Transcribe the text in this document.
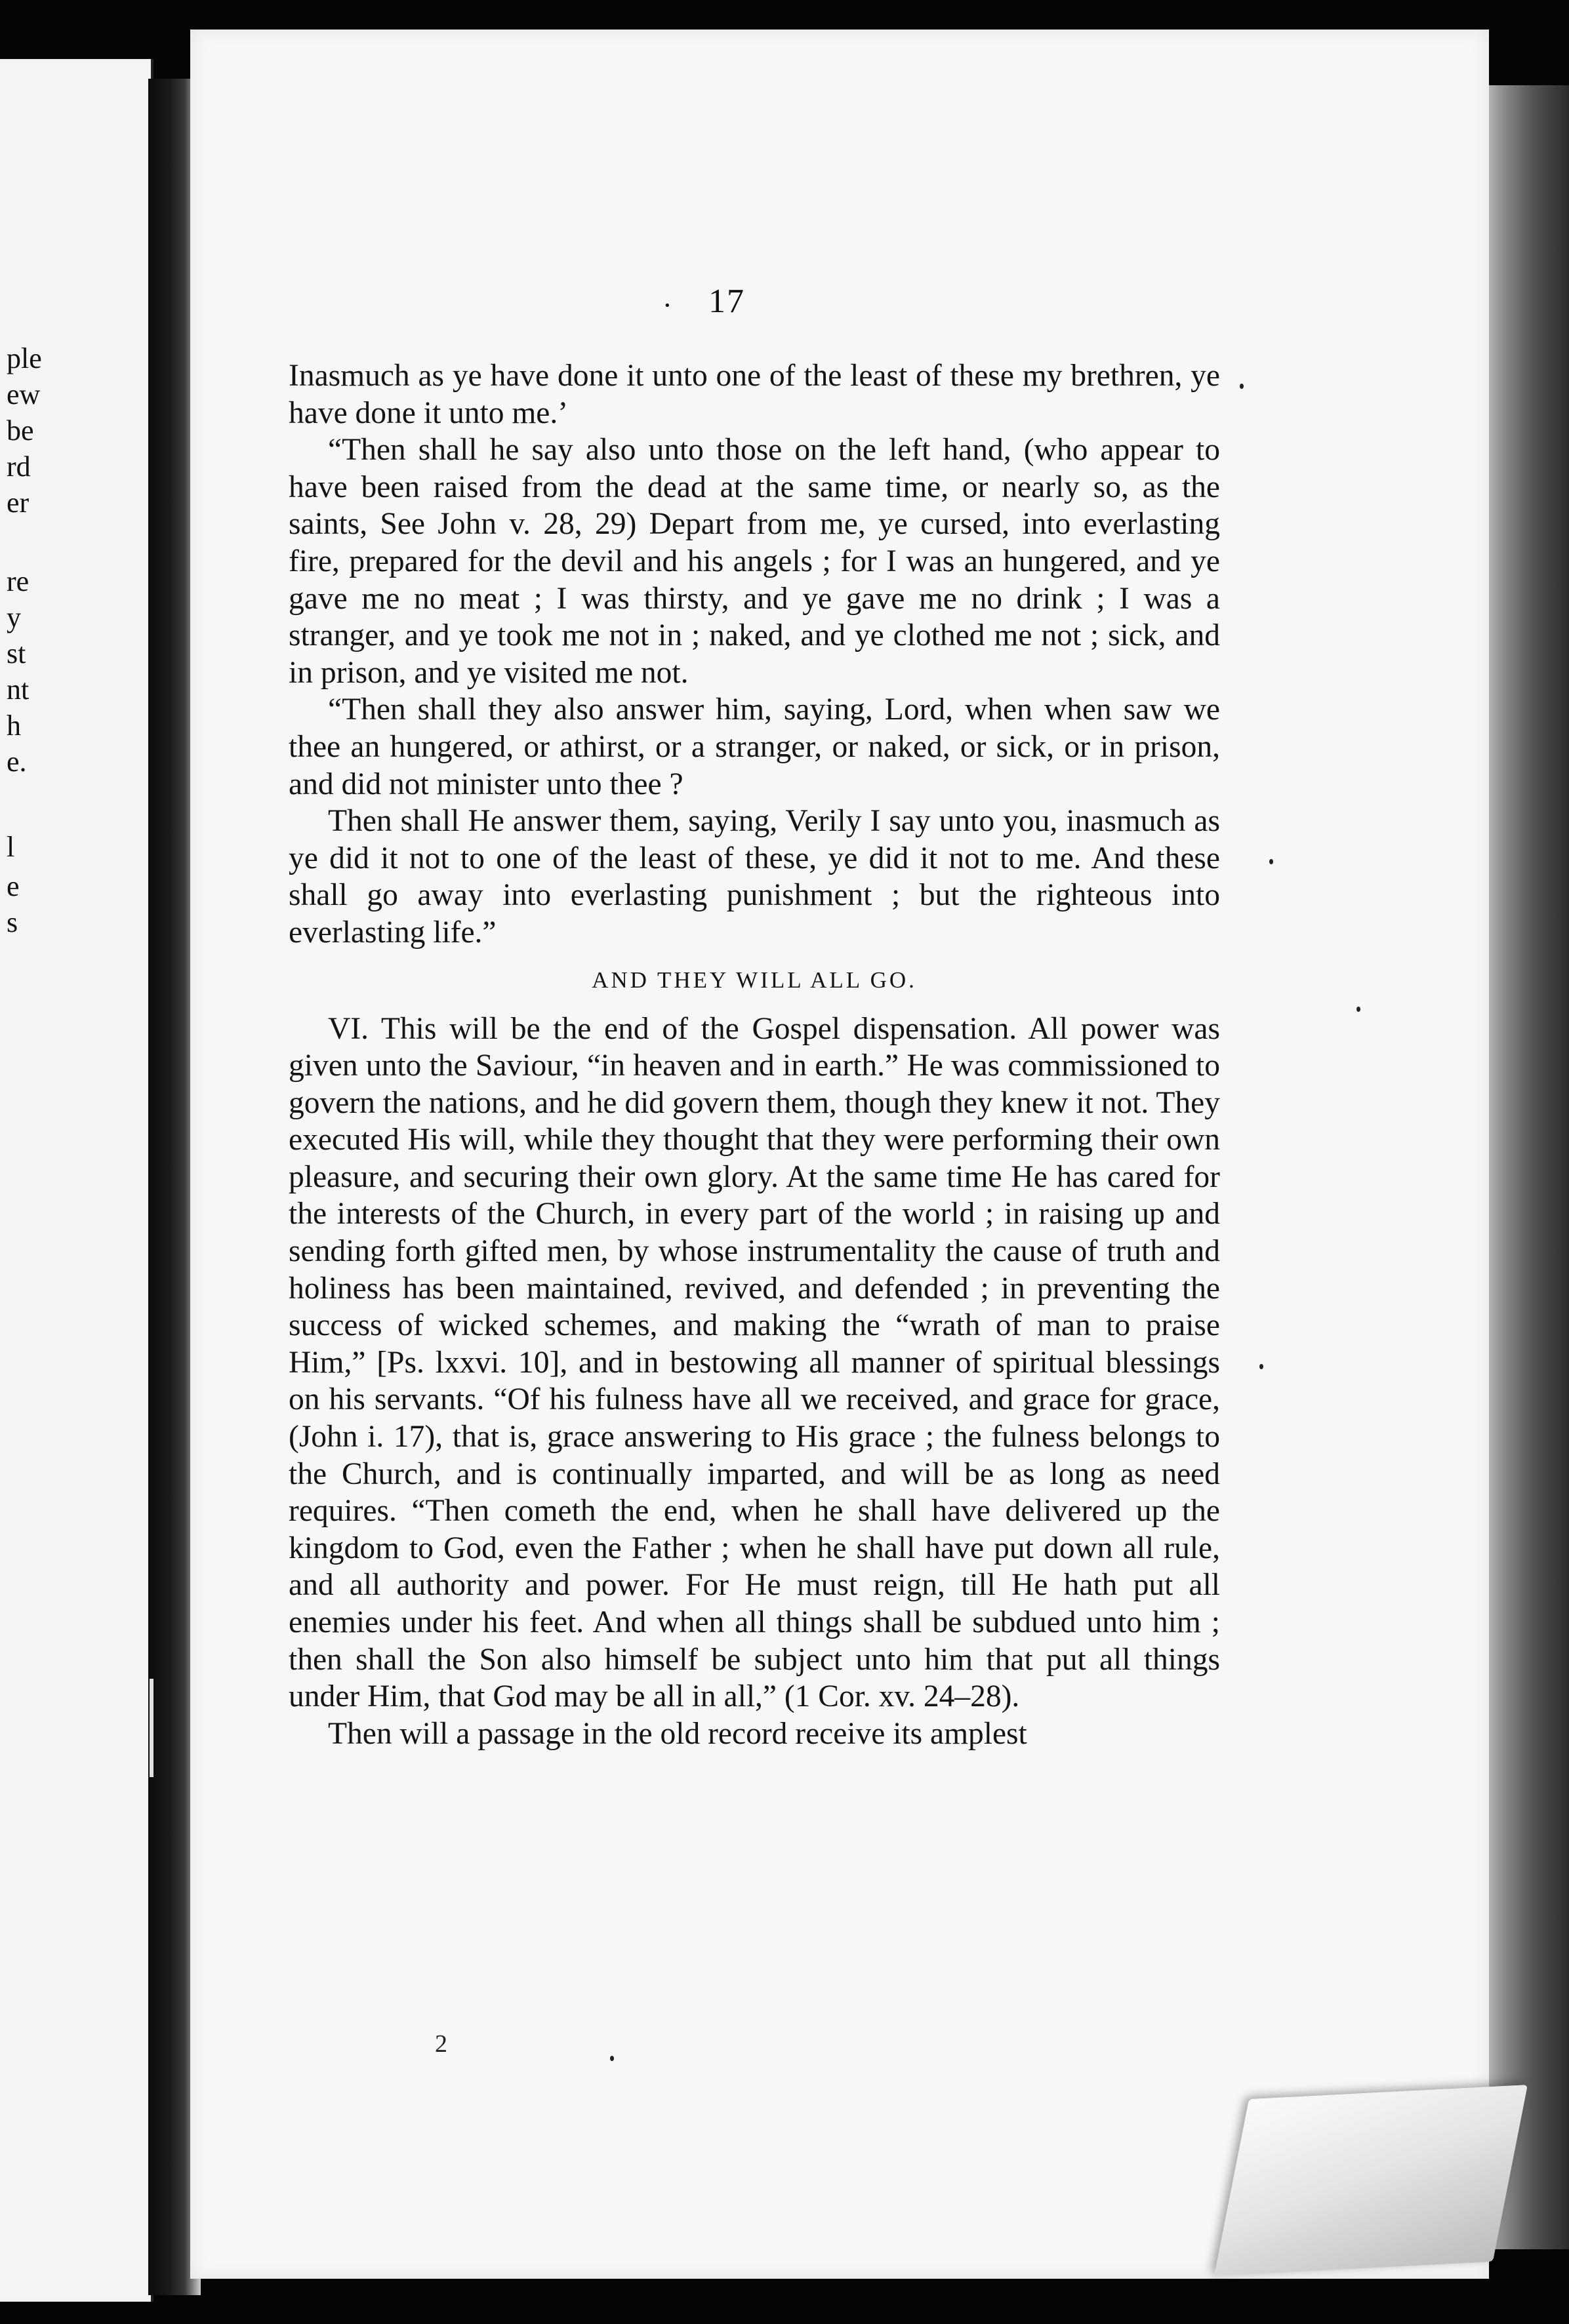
ple
ew
be
rd
er
re
y
st
nt
h
e.
l
e
s
· 17

Inasmuch as ye have done it unto one of the least of these my brethren, ye have done it unto me.’

“Then shall he say also unto those on the left hand, (who appear to have been raised from the dead at the same time, or nearly so, as the saints, See John v. 28, 29) Depart from me, ye cursed, into everlasting fire, prepared for the devil and his angels ; for I was an hungered, and ye gave me no meat ; I was thirsty, and ye gave me no drink ; I was a stranger, and ye took me not in ; naked, and ye clothed me not ; sick, and in prison, and ye visited me not.

“Then shall they also answer him, saying, Lord, when when saw we thee an hungered, or athirst, or a stranger, or naked, or sick, or in prison, and did not minister unto thee ?

Then shall He answer them, saying, Verily I say unto you, inasmuch as ye did it not to one of the least of these, ye did it not to me. And these shall go away into everlasting punishment ; but the righteous into everlasting life.”

AND THEY WILL ALL GO.

VI. This will be the end of the Gospel dispensation. All power was given unto the Saviour, “in heaven and in earth.” He was commissioned to govern the nations, and he did govern them, though they knew it not. They executed His will, while they thought that they were performing their own pleasure, and securing their own glory. At the same time He has cared for the interests of the Church, in every part of the world ; in raising up and sending forth gifted men, by whose instrumentality the cause of truth and holiness has been maintained, revived, and defended ; in preventing the success of wicked schemes, and making the “wrath of man to praise Him,” [Ps. lxxvi. 10], and in bestowing all manner of spiritual blessings on his servants. “Of his fulness have all we received, and grace for grace, (John i. 17), that is, grace answering to His grace ; the fulness belongs to the Church, and is continually imparted, and will be as long as need requires. “Then cometh the end, when he shall have delivered up the kingdom to God, even the Father ; when he shall have put down all rule, and all authority and power. For He must reign, till He hath put all enemies under his feet. And when all things shall be subdued unto him ; then shall the Son also himself be subject unto him that put all things under Him, that God may be all in all,” (1 Cor. xv. 24–28).

Then will a passage in the old record receive its amplest

2
